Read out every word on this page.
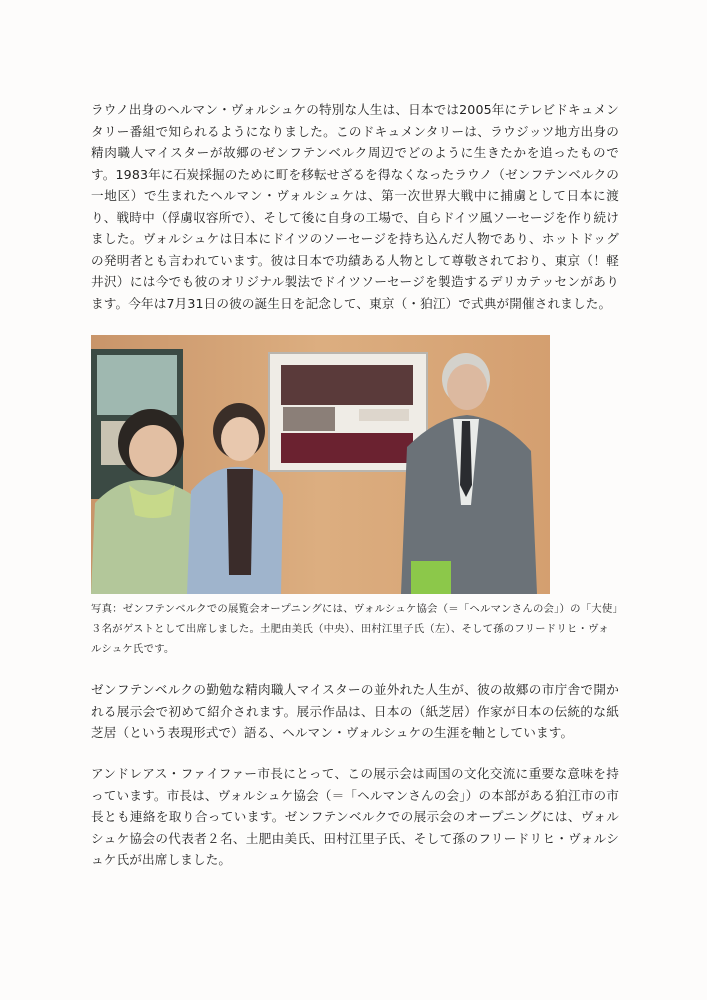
ラウノ出身のヘルマン・ヴォルシュケの特別な人生は、日本では2005年にテレビドキュメンタリー番組で知られるようになりました。このドキュメンタリーは、ラウジッツ地方出身の精肉職人マイスターが故郷のゼンフテンベルク周辺でどのように生きたかを追ったものです。1983年に石炭採掘のために町を移転せざるを得なくなったラウノ（ゼンフテンベルクの一地区）で生まれたヘルマン・ヴォルシュケは、第一次世界大戦中に捕虜として日本に渡り、戦時中（俘虜収容所で）、そして後に自身の工場で、自らドイツ風ソーセージを作り続けました。ヴォルシュケは日本にドイツのソーセージを持ち込んだ人物であり、ホットドッグの発明者とも言われています。彼は日本で功績ある人物として尊敬されており、東京（！軽井沢）には今でも彼のオリジナル製法でドイツソーセージを製造するデリカテッセンがあります。今年は7月31日の彼の誕生日を記念して、東京（・狛江）で式典が開催されました。

写真：ゼンフテンベルクでの展覧会オープニングには、ヴォルシュケ協会（＝「ヘルマンさんの会」）の「大使」３名がゲストとして出席しました。土肥由美氏（中央）、田村江里子氏（左）、そして孫のフリードリヒ・ヴォルシュケ氏です。

ゼンフテンベルクの勤勉な精肉職人マイスターの並外れた人生が、彼の故郷の市庁舎で開かれる展示会で初めて紹介されます。展示作品は、日本の（紙芝居）作家が日本の伝統的な紙芝居（という表現形式で）語る、ヘルマン・ヴォルシュケの生涯を軸としています。

アンドレアス・ファイファー市長にとって、この展示会は両国の文化交流に重要な意味を持っています。市長は、ヴォルシュケ協会（＝「ヘルマンさんの会」）の本部がある狛江市の市長とも連絡を取り合っています。ゼンフテンベルクでの展示会のオープニングには、ヴォルシュケ協会の代表者２名、土肥由美氏、田村江里子氏、そして孫のフリードリヒ・ヴォルシュケ氏が出席しました。
